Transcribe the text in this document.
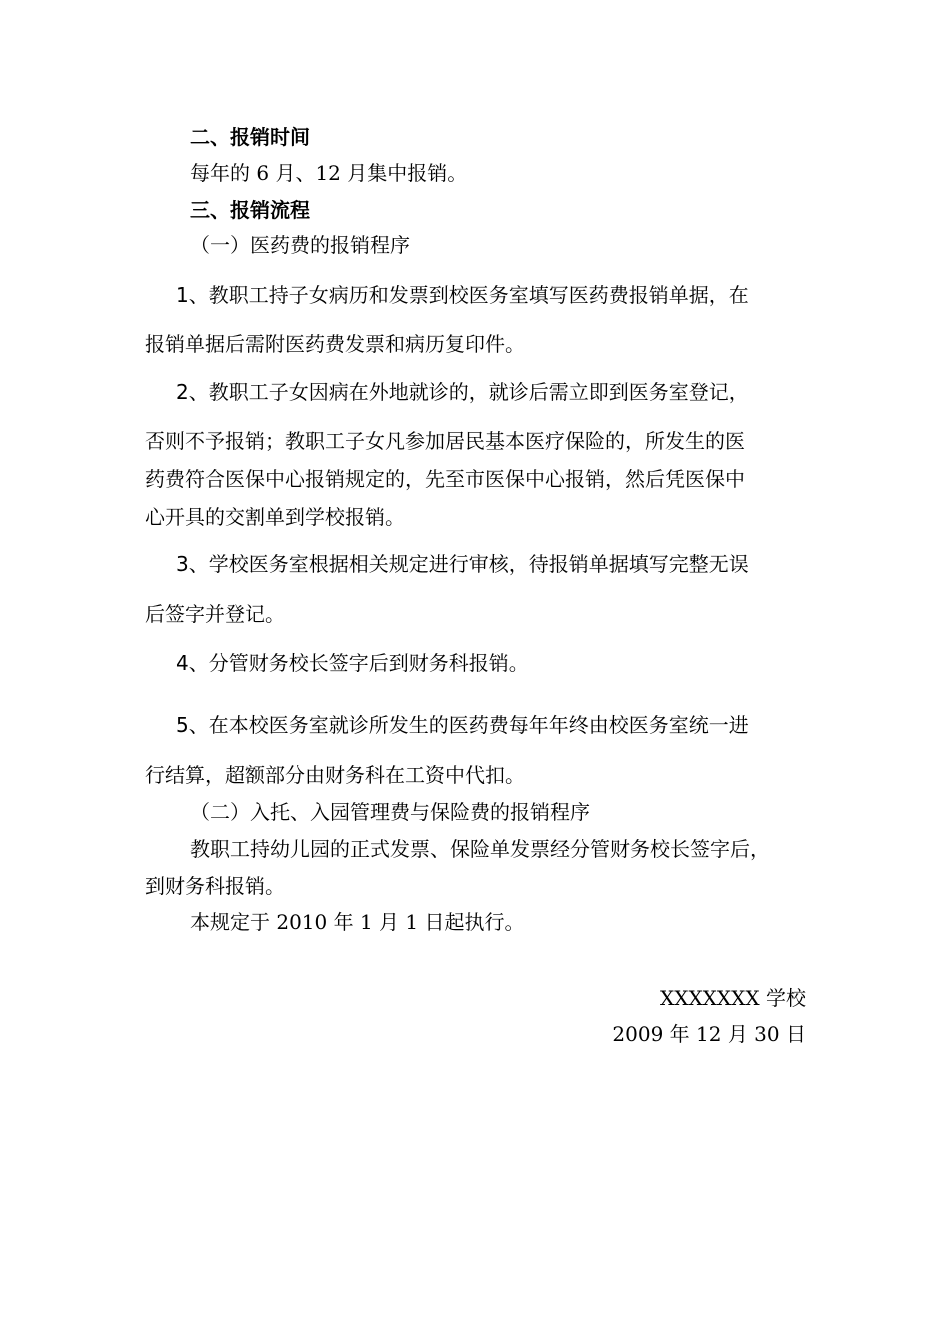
二、报销时间
每年的 6 月、12 月集中报销。
三、报销流程
（一）医药费的报销程序
1、教职工持子女病历和发票到校医务室填写医药费报销单据，在
报销单据后需附医药费发票和病历复印件。
2、教职工子女因病在外地就诊的，就诊后需立即到医务室登记，
否则不予报销；教职工子女凡参加居民基本医疗保险的，所发生的医
药费符合医保中心报销规定的，先至市医保中心报销，然后凭医保中
心开具的交割单到学校报销。
3、学校医务室根据相关规定进行审核，待报销单据填写完整无误
后签字并登记。
4、分管财务校长签字后到财务科报销。
5、在本校医务室就诊所发生的医药费每年年终由校医务室统一进
行结算，超额部分由财务科在工资中代扣。
（二）入托、入园管理费与保险费的报销程序
教职工持幼儿园的正式发票、保险单发票经分管财务校长签字后，
到财务科报销。
本规定于 2010 年 1 月 1 日起执行。
XXXXXXX 学校
2009 年 12 月 30 日
